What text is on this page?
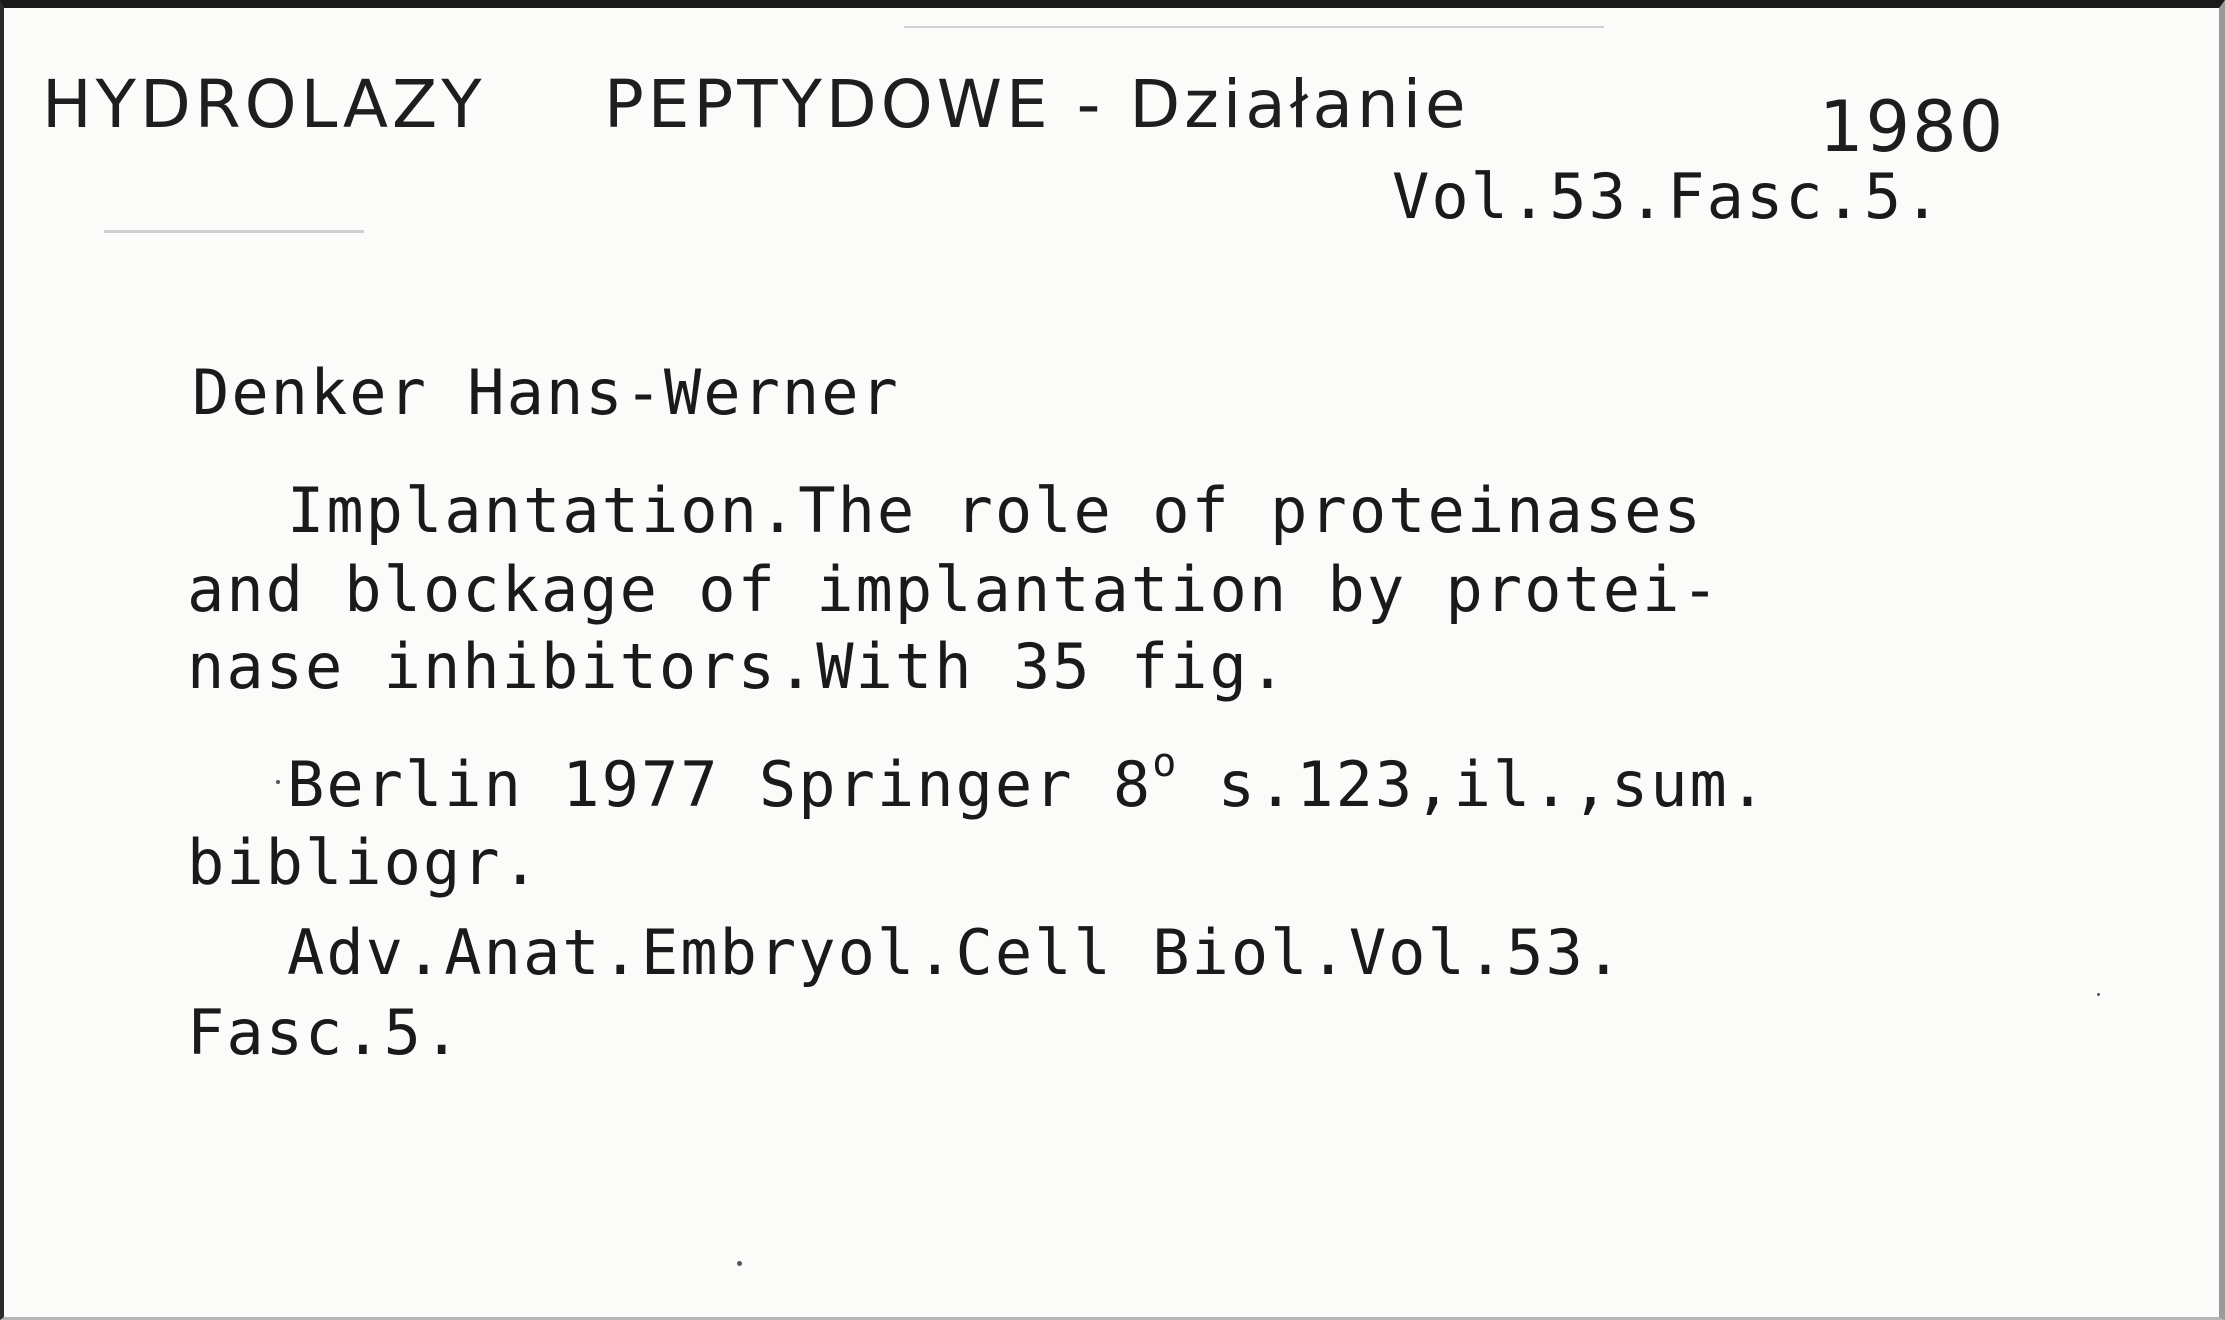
HYDROLAZY PEPTYDOWE - Działanie	1980
Vol.53.Fasc.5.
Denker Hans-Werner
Implantation.The role of proteinases
and blockage of implantation by protei-
nase inhibitors.With 35 fig.
Berlin 1977 Springer 8$^o$ s.123,il.,sum.
bibliogr.
Adv.Anat.Embryol.Cell Biol.Vol.53.
Fasc.5.
